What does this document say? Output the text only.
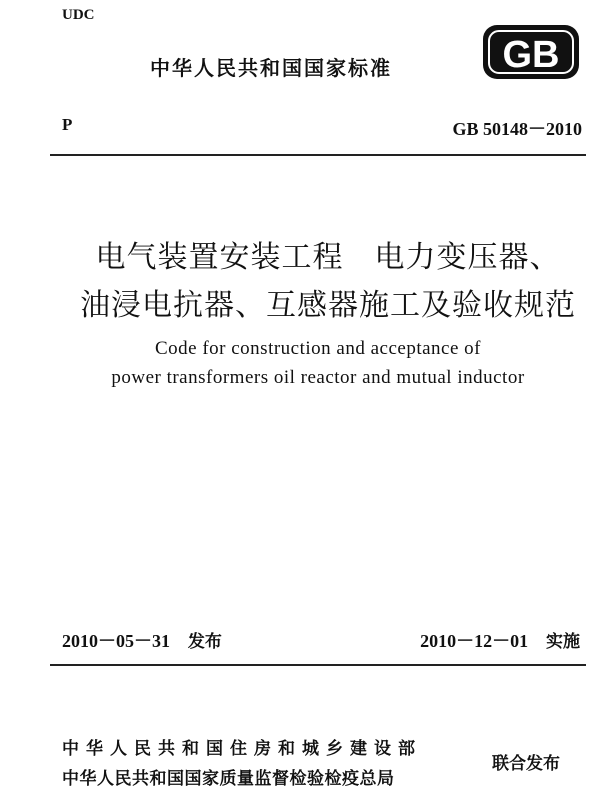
UDC
中华人民共和国国家标准	GB
P	GB 50148－2010
电气装置安装工程　电力变压器、
油浸电抗器、互感器施工及验收规范
Code for construction and acceptance of
power transformers oil reactor and mutual inductor
2010－05－31 发布	2010－12－01 实施
中华人民共和国住房和城乡建设部
中华人民共和国国家质量监督检验检疫总局
联合发布
